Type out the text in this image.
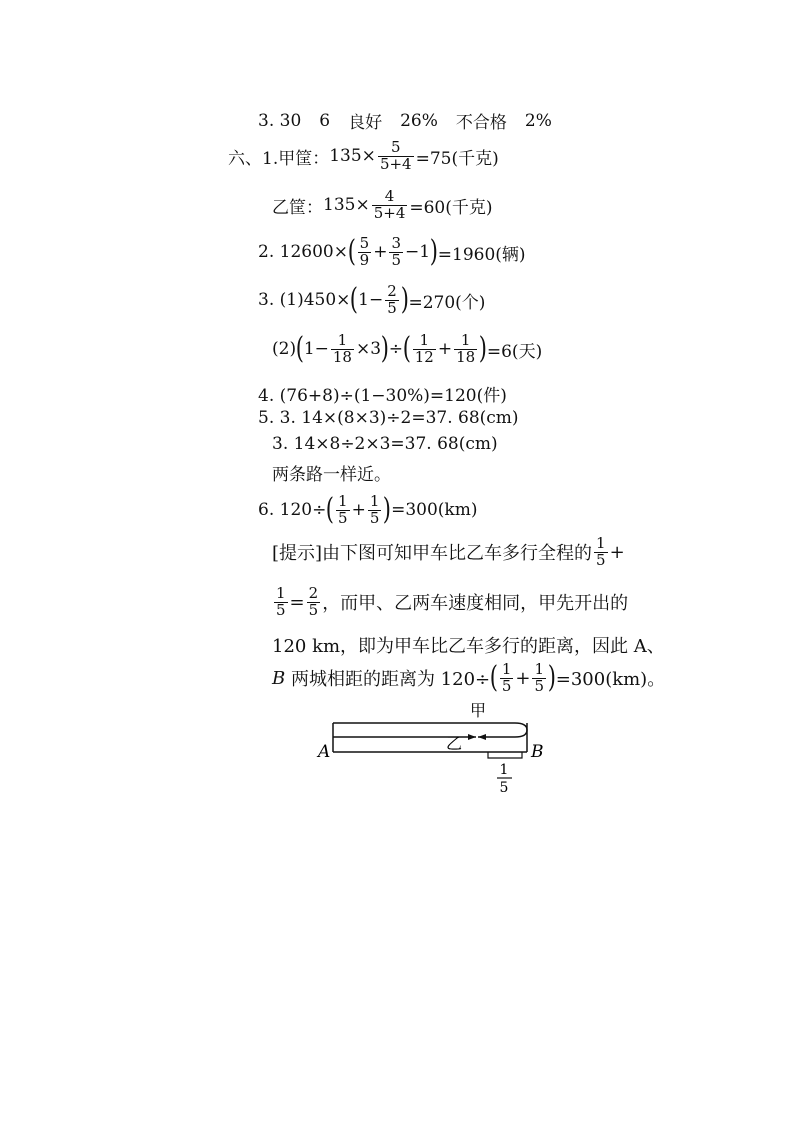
3. 30 6 良好 26% 不合格 2%
六、1. 甲筐： $135\times \frac{5}{5+4} =75$(千克)
乙筐： $135\times \frac{4}{5+4} =60$(千克)
2. 12600× ( $\frac{5}{9} + \frac{3}{5} -1$ ) =1960(辆)
3. (1)450× ( $1- \frac{2}{5}$ ) =270(个)
(2) ( $1- \frac{1}{18} \times 3$ ) ÷ ( $\frac{1}{12} + \frac{1}{18}$ ) =6(天)
4. (76+8)÷(1−30%)=120(件)
5. 3. 14×(8×3)÷2=37. 68(cm)
3. 14×8÷2×3=37. 68(cm)
两条路一样近。
6. 120÷ ( $\frac{1}{5} + \frac{1}{5}$ ) =300(km)
[提示] 由下图可知甲车比乙车多行全程的 $\frac{1}{5}$ +
$\frac{1}{5} = \frac{2}{5}$ ，而甲、乙两车速度相同，甲先开出的
120 km，即为甲车比乙车多行的距离，因此 A、
B 两城相距的距离为 120÷ ( $\frac{1}{5} + \frac{1}{5}$ ) =300(km)。
甲
乙
A	B
1
5
